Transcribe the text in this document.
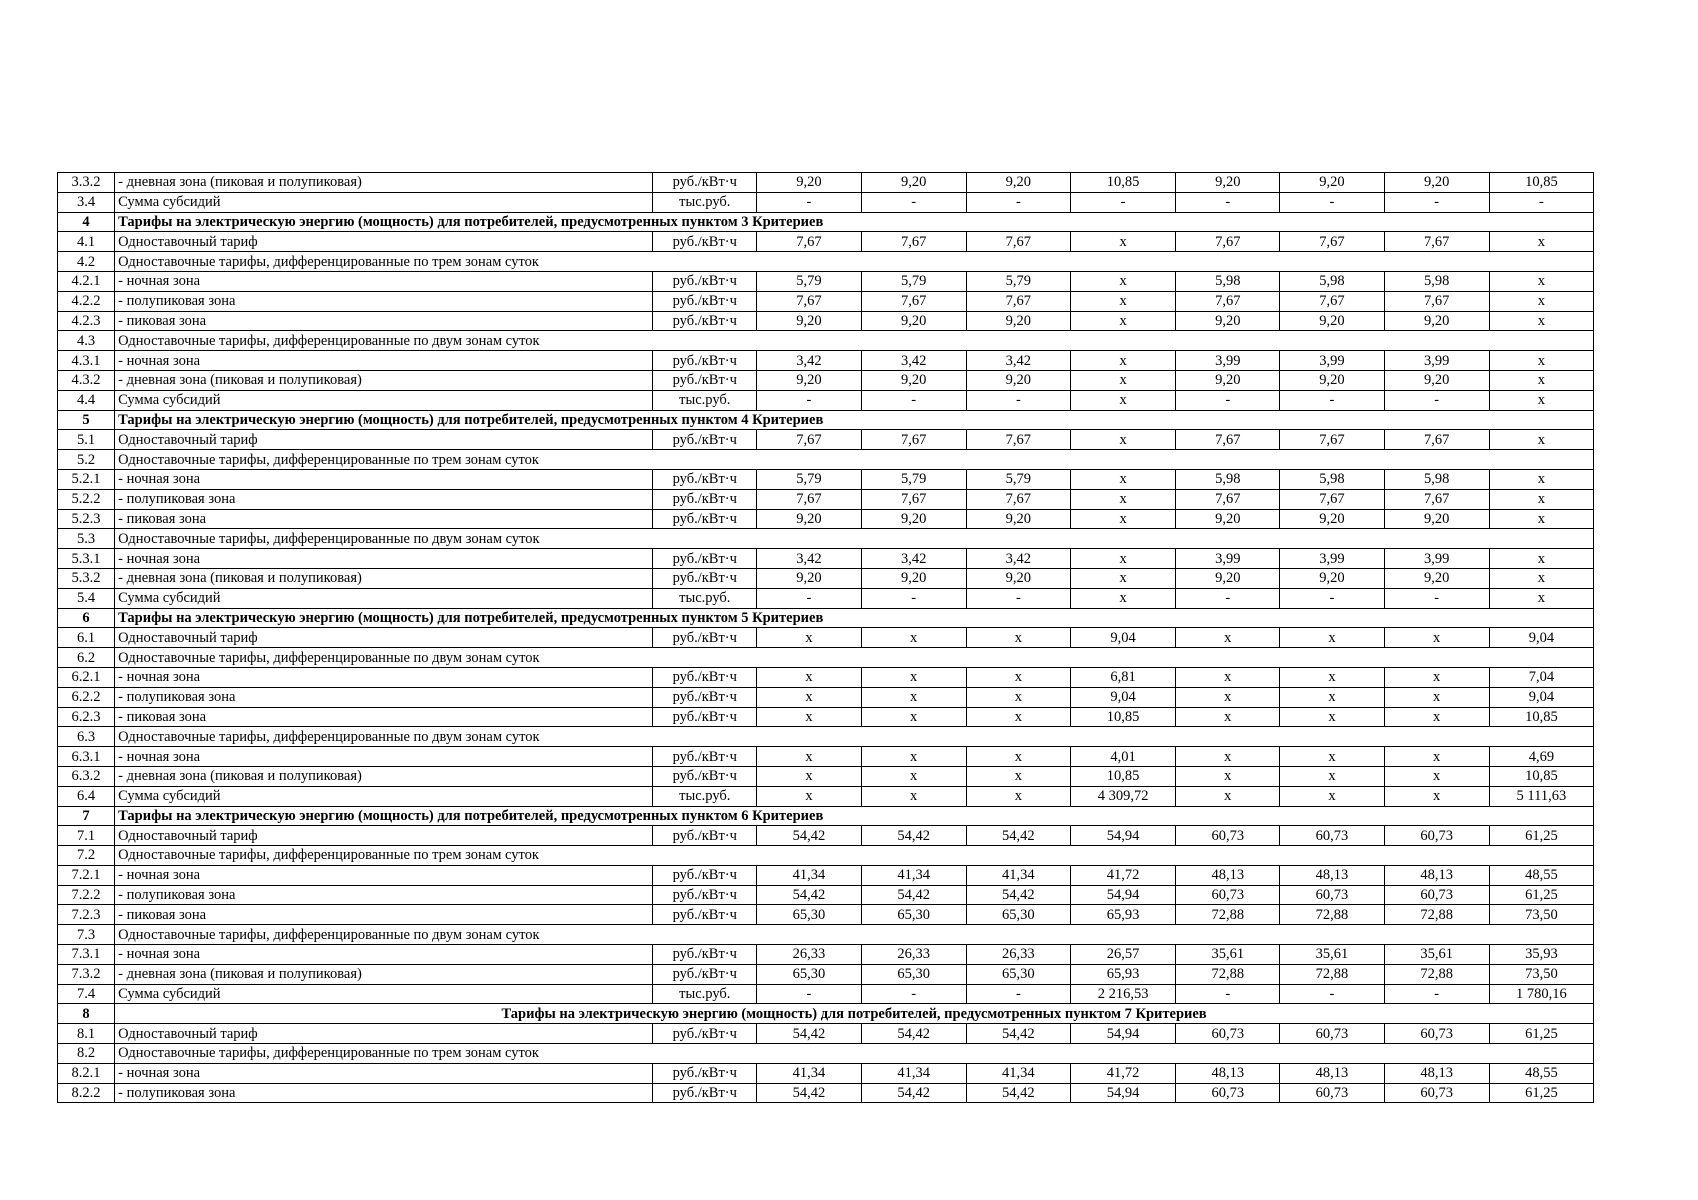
3.3.2	- дневная зона (пиковая и полупиковая)	руб./кВт·ч	9,20	9,20	9,20	10,85	9,20	9,20	9,20	10,85
3.4	Сумма субсидий	тыс.руб.	-	-	-	-	-	-	-	-
4	Тарифы на электрическую энергию (мощность) для потребителей, предусмотренных пунктом 3 Критериев									
4.1	Одноставочный тариф	руб./кВт·ч	7,67	7,67	7,67	х	7,67	7,67	7,67	х
4.2	Одноставочные тарифы, дифференцированные по трем зонам суток									
4.2.1	- ночная зона	руб./кВт·ч	5,79	5,79	5,79	х	5,98	5,98	5,98	х
4.2.2	- полупиковая зона	руб./кВт·ч	7,67	7,67	7,67	х	7,67	7,67	7,67	х
4.2.3	- пиковая зона	руб./кВт·ч	9,20	9,20	9,20	х	9,20	9,20	9,20	х
4.3	Одноставочные тарифы, дифференцированные по двум зонам суток									
4.3.1	- ночная зона	руб./кВт·ч	3,42	3,42	3,42	х	3,99	3,99	3,99	х
4.3.2	- дневная зона (пиковая и полупиковая)	руб./кВт·ч	9,20	9,20	9,20	х	9,20	9,20	9,20	х
4.4	Сумма субсидий	тыс.руб.	-	-	-	х	-	-	-	х
5	Тарифы на электрическую энергию (мощность) для потребителей, предусмотренных пунктом 4 Критериев									
5.1	Одноставочный тариф	руб./кВт·ч	7,67	7,67	7,67	х	7,67	7,67	7,67	х
5.2	Одноставочные тарифы, дифференцированные по трем зонам суток									
5.2.1	- ночная зона	руб./кВт·ч	5,79	5,79	5,79	х	5,98	5,98	5,98	х
5.2.2	- полупиковая зона	руб./кВт·ч	7,67	7,67	7,67	х	7,67	7,67	7,67	х
5.2.3	- пиковая зона	руб./кВт·ч	9,20	9,20	9,20	х	9,20	9,20	9,20	х
5.3	Одноставочные тарифы, дифференцированные по двум зонам суток									
5.3.1	- ночная зона	руб./кВт·ч	3,42	3,42	3,42	х	3,99	3,99	3,99	х
5.3.2	- дневная зона (пиковая и полупиковая)	руб./кВт·ч	9,20	9,20	9,20	х	9,20	9,20	9,20	х
5.4	Сумма субсидий	тыс.руб.	-	-	-	х	-	-	-	х
6	Тарифы на электрическую энергию (мощность) для потребителей, предусмотренных пунктом 5 Критериев									
6.1	Одноставочный тариф	руб./кВт·ч	х	х	х	9,04	х	х	х	9,04
6.2	Одноставочные тарифы, дифференцированные по двум зонам суток									
6.2.1	- ночная зона	руб./кВт·ч	х	х	х	6,81	х	х	х	7,04
6.2.2	- полупиковая зона	руб./кВт·ч	х	х	х	9,04	х	х	х	9,04
6.2.3	- пиковая зона	руб./кВт·ч	х	х	х	10,85	х	х	х	10,85
6.3	Одноставочные тарифы, дифференцированные по двум зонам суток									
6.3.1	- ночная зона	руб./кВт·ч	х	х	х	4,01	х	х	х	4,69
6.3.2	- дневная зона (пиковая и полупиковая)	руб./кВт·ч	х	х	х	10,85	х	х	х	10,85
6.4	Сумма субсидий	тыс.руб.	х	х	х	4 309,72	х	х	х	5 111,63
7	Тарифы на электрическую энергию (мощность) для потребителей, предусмотренных пунктом 6 Критериев									
7.1	Одноставочный тариф	руб./кВт·ч	54,42	54,42	54,42	54,94	60,73	60,73	60,73	61,25
7.2	Одноставочные тарифы, дифференцированные по трем зонам суток									
7.2.1	- ночная зона	руб./кВт·ч	41,34	41,34	41,34	41,72	48,13	48,13	48,13	48,55
7.2.2	- полупиковая зона	руб./кВт·ч	54,42	54,42	54,42	54,94	60,73	60,73	60,73	61,25
7.2.3	- пиковая зона	руб./кВт·ч	65,30	65,30	65,30	65,93	72,88	72,88	72,88	73,50
7.3	Одноставочные тарифы, дифференцированные по двум зонам суток									
7.3.1	- ночная зона	руб./кВт·ч	26,33	26,33	26,33	26,57	35,61	35,61	35,61	35,93
7.3.2	- дневная зона (пиковая и полупиковая)	руб./кВт·ч	65,30	65,30	65,30	65,93	72,88	72,88	72,88	73,50
7.4	Сумма субсидий	тыс.руб.	-	-	-	2 216,53	-	-	-	1 780,16
8	Тарифы на электрическую энергию (мощность) для потребителей, предусмотренных пунктом 7 Критериев									
8.1	Одноставочный тариф	руб./кВт·ч	54,42	54,42	54,42	54,94	60,73	60,73	60,73	61,25
8.2	Одноставочные тарифы, дифференцированные по трем зонам суток									
8.2.1	- ночная зона	руб./кВт·ч	41,34	41,34	41,34	41,72	48,13	48,13	48,13	48,55
8.2.2	- полупиковая зона	руб./кВт·ч	54,42	54,42	54,42	54,94	60,73	60,73	60,73	61,25
